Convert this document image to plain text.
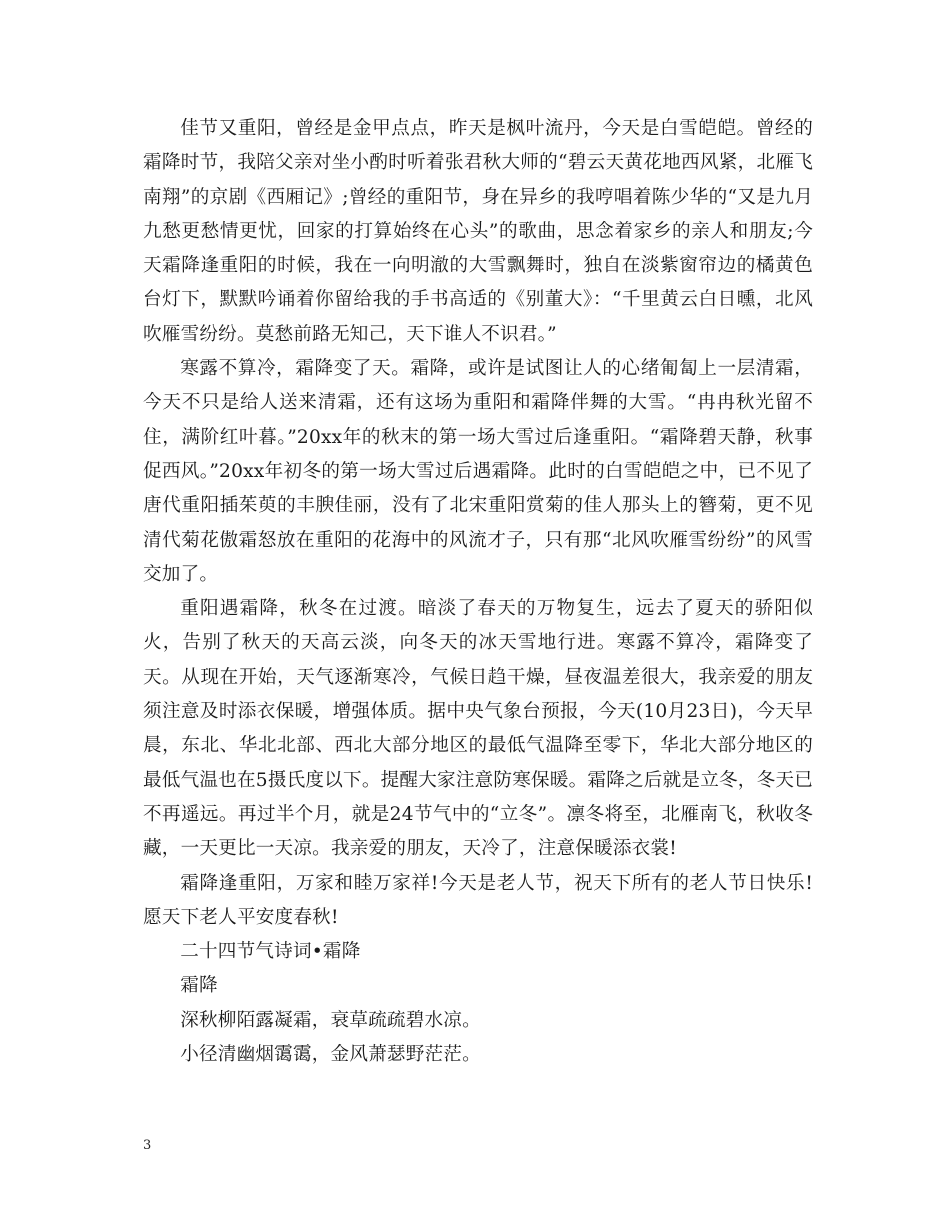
佳节又重阳，曾经是金甲点点，昨天是枫叶流丹，今天是白雪皑皑。曾经的霜降时节，我陪父亲对坐小酌时听着张君秋大师的“碧云天黄花地西风紧，北雁飞南翔”的京剧《西厢记》;曾经的重阳节，身在异乡的我哼唱着陈少华的“又是九月九愁更愁情更忧，回家的打算始终在心头”的歌曲，思念着家乡的亲人和朋友;今天霜降逢重阳的时候，我在一向明澈的大雪飘舞时，独自在淡紫窗帘边的橘黄色台灯下，默默吟诵着你留给我的手书高适的《别董大》：“千里黄云白日曛，北风吹雁雪纷纷。莫愁前路无知己，天下谁人不识君。”

寒露不算冷，霜降变了天。霜降，或许是试图让人的心绪匍匐上一层清霜，今天不只是给人送来清霜，还有这场为重阳和霜降伴舞的大雪。“冉冉秋光留不住，满阶红叶暮。”20xx年的秋末的第一场大雪过后逢重阳。“霜降碧天静，秋事促西风。”20xx年初冬的第一场大雪过后遇霜降。此时的白雪皑皑之中，已不见了唐代重阳插茱萸的丰腴佳丽，没有了北宋重阳赏菊的佳人那头上的簪菊，更不见清代菊花傲霜怒放在重阳的花海中的风流才子，只有那“北风吹雁雪纷纷”的风雪交加了。

重阳遇霜降，秋冬在过渡。暗淡了春天的万物复生，远去了夏天的骄阳似火，告别了秋天的天高云淡，向冬天的冰天雪地行进。寒露不算冷，霜降变了天。从现在开始，天气逐渐寒冷，气候日趋干燥，昼夜温差很大，我亲爱的朋友须注意及时添衣保暖，增强体质。据中央气象台预报，今天(10月23日)，今天早晨，东北、华北北部、西北大部分地区的最低气温降至零下，华北大部分地区的最低气温也在5摄氏度以下。提醒大家注意防寒保暖。霜降之后就是立冬，冬天已不再遥远。再过半个月，就是24节气中的“立冬”。凛冬将至，北雁南飞，秋收冬藏，一天更比一天凉。我亲爱的朋友，天冷了，注意保暖添衣裳!

霜降逢重阳，万家和睦万家祥!今天是老人节，祝天下所有的老人节日快乐!愿天下老人平安度春秋!

二十四节气诗词•霜降

霜降

深秋柳陌露凝霜，衰草疏疏碧水凉。

小径清幽烟霭霭，金风萧瑟野茫茫。

3
